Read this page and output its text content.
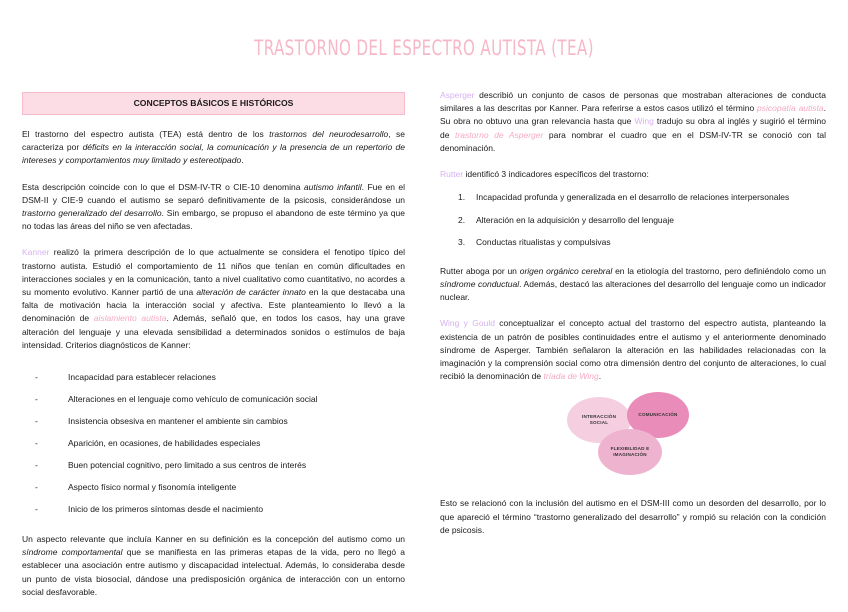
TRASTORNO DEL ESPECTRO AUTISTA (TEA)
CONCEPTOS BÁSICOS E HISTÓRICOS

El trastorno del espectro autista (TEA) está dentro de los trastornos del neurodesarrollo, se caracteriza por déficits en la interacción social, la comunicación y la presencia de un repertorio de intereses y comportamientos muy limitado y estereotipado.

Esta descripción coincide con lo que el DSM-IV-TR o CIE-10 denomina autismo infantil. Fue en el DSM-II y CIE-9 cuando el autismo se separó definitivamente de la psicosis, considerándose un trastorno generalizado del desarrollo. Sin embargo, se propuso el abandono de este término ya que no todas las áreas del niño se ven afectadas.

Kanner realizó la primera descripción de lo que actualmente se considera el fenotipo típico del trastorno autista. Estudió el comportamiento de 11 niños que tenían en común dificultades en interacciones sociales y en la comunicación, tanto a nivel cualitativo como cuantitativo, no acordes a su momento evolutivo. Kanner partió de una alteración de carácter innato en la que destacaba una falta de motivación hacia la interacción social y afectiva. Este planteamiento lo llevó a la denominación de aislamiento autista. Además, señaló que, en todos los casos, hay una grave alteración del lenguaje y una elevada sensibilidad a determinados sonidos o estímulos de baja intensidad. Criterios diagnósticos de Kanner:

- Incapacidad para establecer relaciones
- Alteraciones en el lenguaje como vehículo de comunicación social
- Insistencia obsesiva en mantener el ambiente sin cambios
- Aparición, en ocasiones, de habilidades especiales
- Buen potencial cognitivo, pero limitado a sus centros de interés
- Aspecto físico normal y fisonomía inteligente
- Inicio de los primeros síntomas desde el nacimiento

Un aspecto relevante que incluía Kanner en su definición es la concepción del autismo como un síndrome comportamental que se manifiesta en las primeras etapas de la vida, pero no llegó a establecer una asociación entre autismo y discapacidad intelectual. Además, lo consideraba desde un punto de vista biosocial, dándose una predisposición orgánica de interacción con un entorno social desfavorable.

Asperger describió un conjunto de casos de personas que mostraban alteraciones de conducta similares a las descritas por Kanner. Para referirse a estos casos utilizó el término psicopatía autista. Su obra no obtuvo una gran relevancia hasta que Wing tradujo su obra al inglés y sugirió el término de trastorno de Asperger para nombrar el cuadro que en el DSM-IV-TR se conoció con tal denominación.

Rutter identificó 3 indicadores específicos del trastorno:

1. Incapacidad profunda y generalizada en el desarrollo de relaciones interpersonales
2. Alteración en la adquisición y desarrollo del lenguaje
3. Conductas ritualistas y compulsivas

Rutter aboga por un origen orgánico cerebral en la etiología del trastorno, pero definiéndolo como un síndrome conductual. Además, destacó las alteraciones del desarrollo del lenguaje como un indicador nuclear.

Wing y Gould conceptualizar el concepto actual del trastorno del espectro autista, planteando la existencia de un patrón de posibles continuidades entre el autismo y el anteriormente denominado síndrome de Asperger. También señalaron la alteración en las habilidades relacionadas con la imaginación y la comprensión social como otra dimensión dentro del conjunto de alteraciones, lo cual recibió la denominación de tríada de Wing.

INTERACCIÓN SOCIAL
COMUNICACIÓN
FLEXIBILIDAD E IMAGINACIÓN

Esto se relacionó con la inclusión del autismo en el DSM-III como un desorden del desarrollo, por lo que apareció el término “trastorno generalizado del desarrollo” y rompió su relación con la condición de psicosis.
